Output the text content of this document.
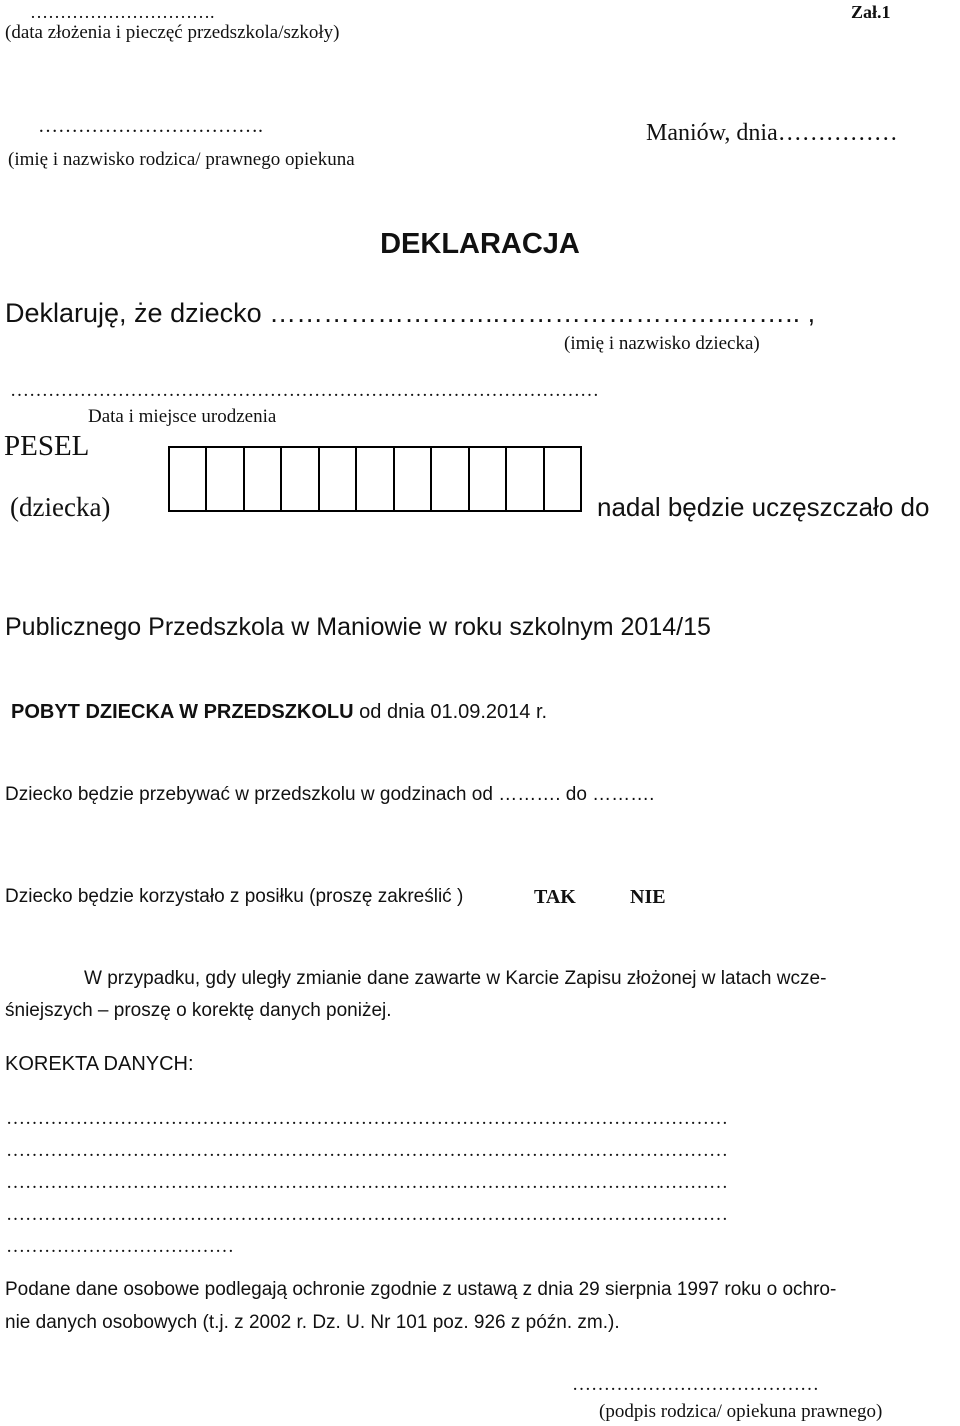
………………………….
(data złożenia i pieczęć przedszkola/szkoły)
Zał.1
…………………………….
(imię i nazwisko rodzica/ prawnego opiekuna
Maniów, dnia……………
DEKLARACJA
Deklaruję, że dziecko ……………………..……………………..…….. ,
(imię i nazwisko dziecka)
…………………………………………………………………………………
Data i miejsce urodzenia
PESEL
(dziecka)	nadal będzie uczęszczało do
Publicznego Przedszkola w Maniowie w roku szkolnym 2014/15
POBYT DZIECKA W PRZEDSZKOLU od dnia 01.09.2014 r.
Dziecko będzie przebywać w przedszkolu w godzinach od ………. do ……….
Dziecko będzie korzystało z posiłku (proszę zakreślić )	TAK	NIE
W przypadku, gdy uległy zmianie dane zawarte w Karcie Zapisu złożonej w latach wcze-
śniejszych – proszę o korektę danych poniżej.
KOREKTA DANYCH:
……………………………………………………………………………………………………
……………………………………………………………………………………………………
……………………………………………………………………………………………………
……………………………………………………………………………………………………
………………………………
Podane dane osobowe podlegają ochronie zgodnie z ustawą z dnia 29 sierpnia 1997 roku o ochro-
nie danych osobowych (t.j. z 2002 r. Dz. U. Nr 101 poz. 926 z późn. zm.).
…………………………………
(podpis rodzica/ opiekuna prawnego)
